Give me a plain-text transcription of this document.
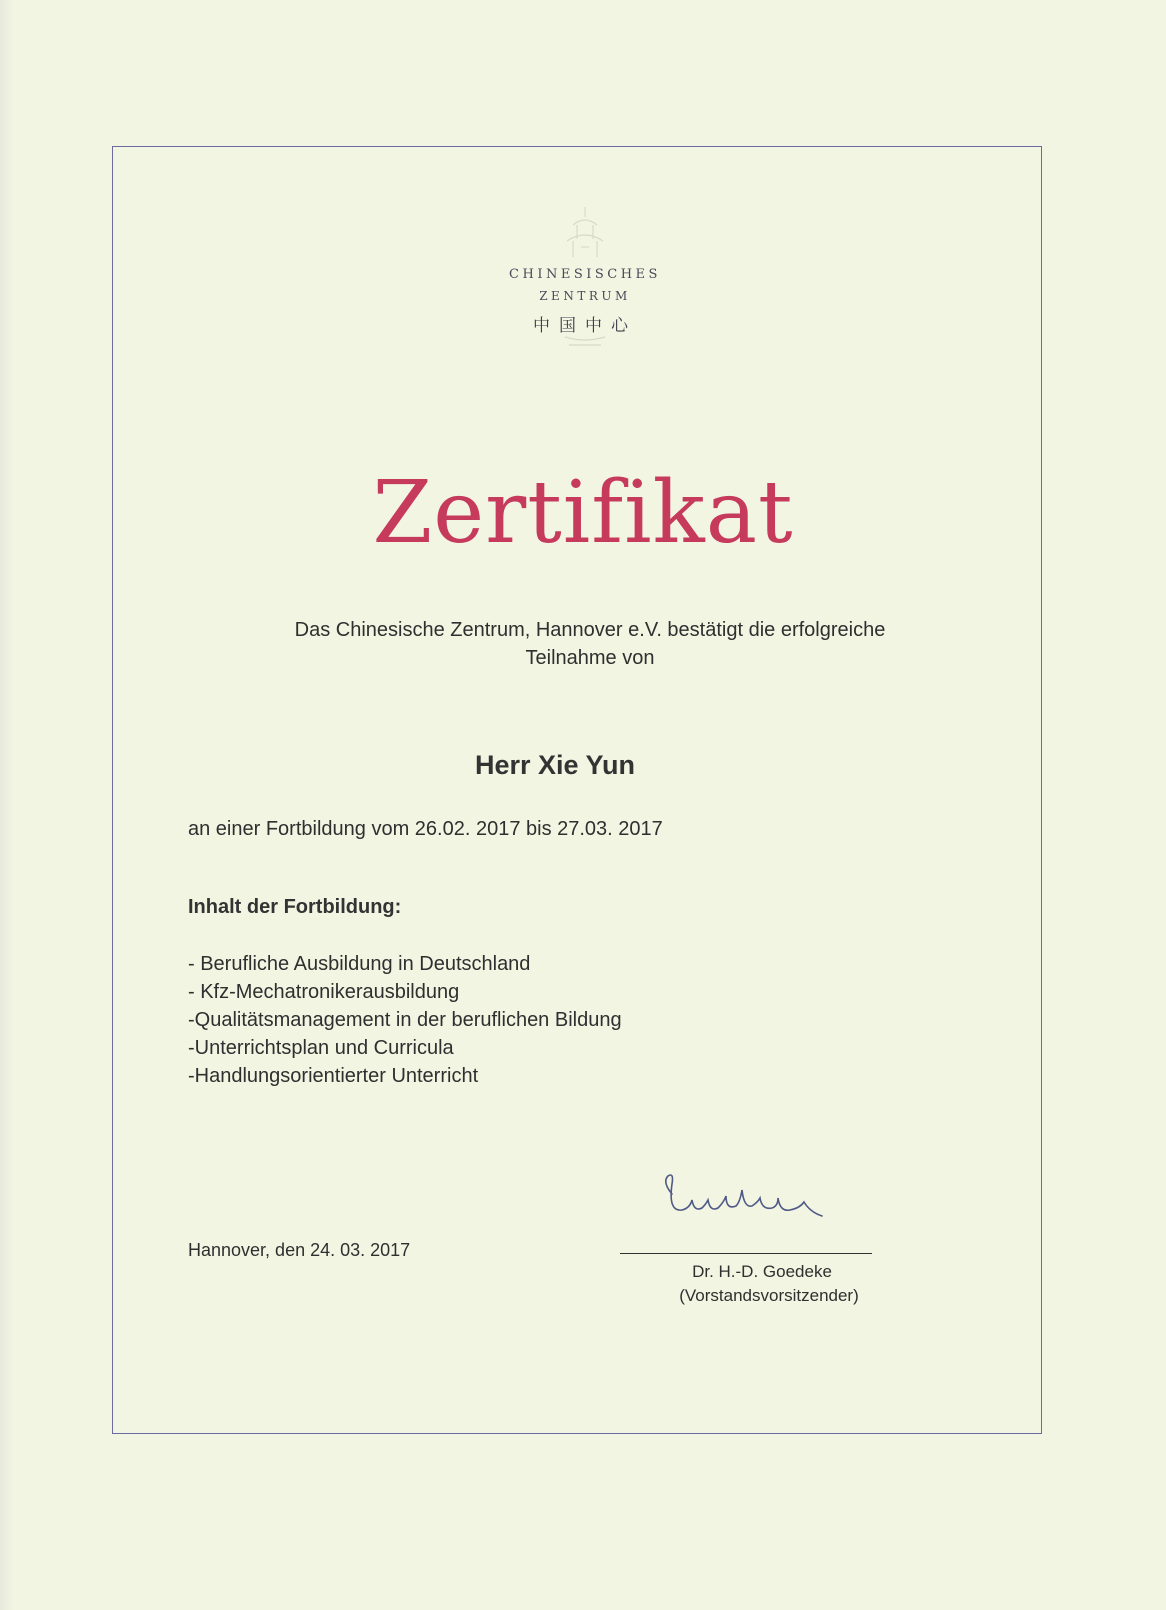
CHINESISCHES
ZENTRUM
中国中心
Zertifikat
Das Chinesische Zentrum, Hannover e.V. bestätigt die erfolgreiche
Teilnahme von
Herr Xie Yun
an einer Fortbildung vom 26.02. 2017 bis 27.03. 2017
Inhalt der Fortbildung:
- Berufliche Ausbildung in Deutschland
- Kfz-Mechatronikerausbildung
-Qualitätsmanagement in der beruflichen Bildung
-Unterrichtsplan und Curricula
-Handlungsorientierter Unterricht
Hannover, den 24. 03. 2017
Dr. H.-D. Goedeke
(Vorstandsvorsitzender)
